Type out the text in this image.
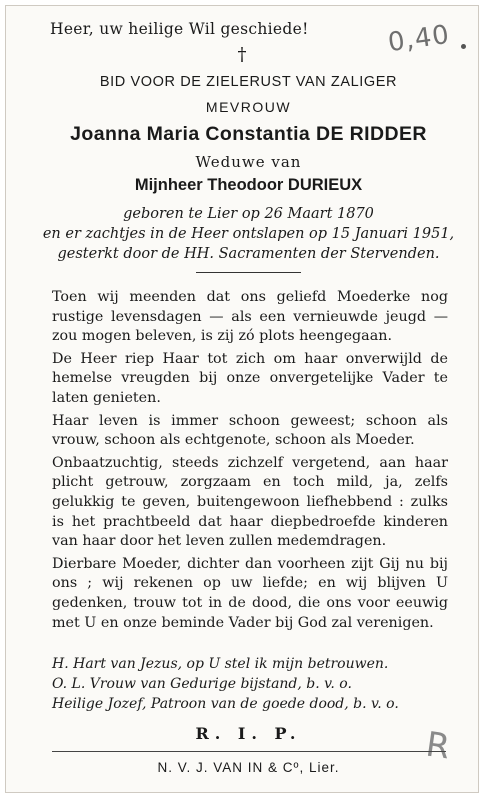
0,40
R
Heer, uw heilige Wil geschiede!
†
BID VOOR DE ZIELERUST VAN ZALIGER
MEVROUW
Joanna Maria Constantia DE RIDDER
Weduwe van
Mijnheer Theodoor DURIEUX
geboren te Lier op 26 Maart 1870
en er zachtjes in de Heer ontslapen op 15 Januari 1951,
gesterkt door de HH. Sacramenten der Stervenden.

Toen wij meenden dat ons geliefd Moederke nog rustige levensdagen — als een vernieuwde jeugd — zou mogen beleven, is zij zó plots heengegaan.

De Heer riep Haar tot zich om haar onverwijld de hemelse vreugden bij onze onvergetelijke Vader te laten genieten.

Haar leven is immer schoon geweest; schoon als vrouw, schoon als echtgenote, schoon als Moeder.

Onbaatzuchtig, steeds zichzelf vergetend, aan haar plicht getrouw, zorgzaam en toch mild, ja, zelfs gelukkig te geven, buitengewoon liefhebbend : zulks is het prachtbeeld dat haar diepbedroefde kinderen van haar door het leven zullen medemdragen.

Dierbare Moeder, dichter dan voorheen zijt Gij nu bij ons ; wij rekenen op uw liefde; en wij blijven U gedenken, trouw tot in de dood, die ons voor eeuwig met U en onze beminde Vader bij God zal verenigen.

H. Hart van Jezus, op U stel ik mijn betrouwen.
O. L. Vrouw van Gedurige bijstand, b. v. o.
Heilige Jozef, Patroon van de goede dood, b. v. o.
R. I. P.
N. V. J. VAN IN & Cº, Lier.
